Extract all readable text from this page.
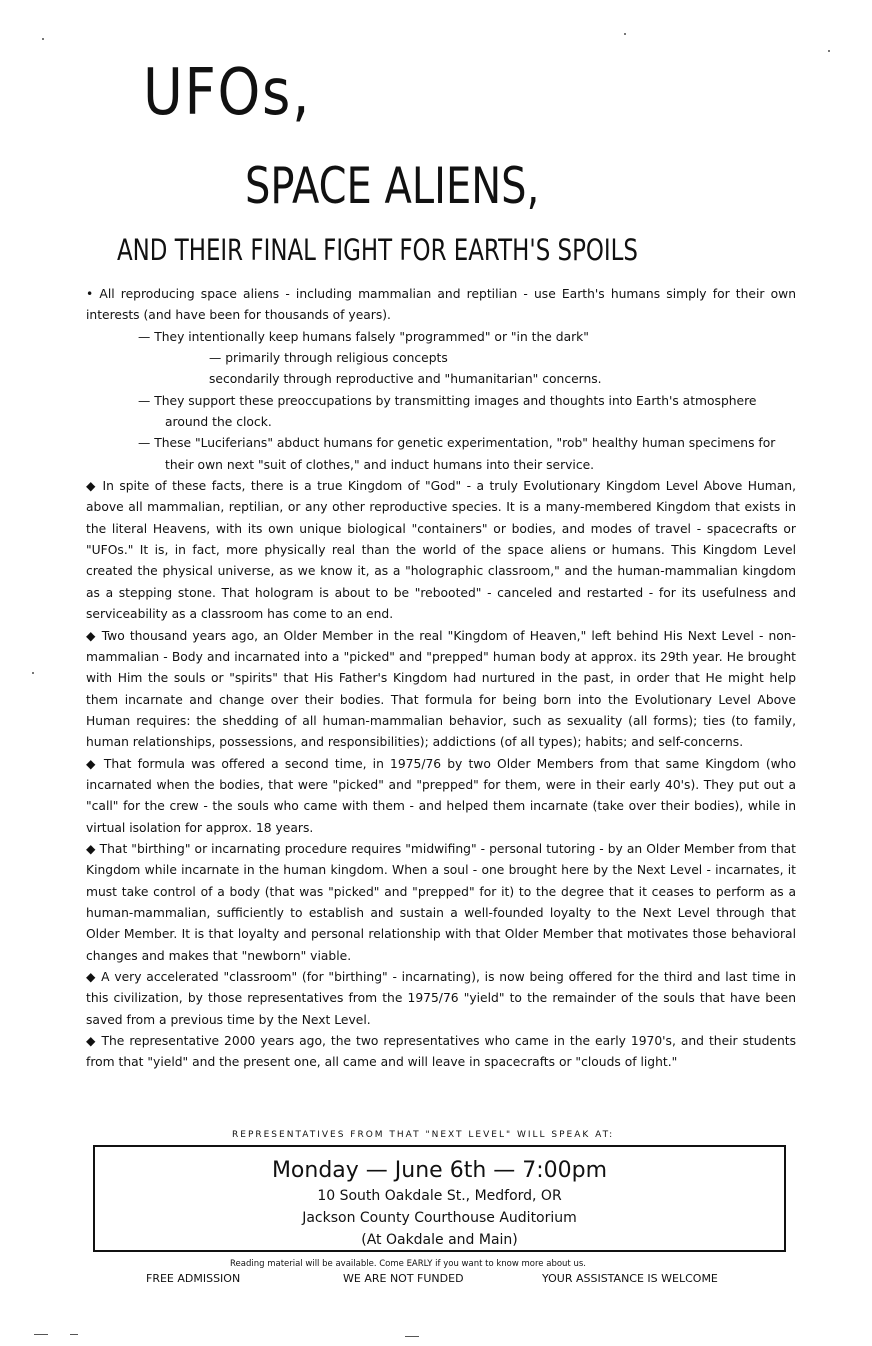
UFOs,
SPACE ALIENS,
AND THEIR FINAL FIGHT FOR EARTH'S SPOILS

• All reproducing space aliens - including mammalian and reptilian - use Earth's humans simply for their own interests (and have been for thousands of years).

— They intentionally keep humans falsely "programmed" or "in the dark"

— primarily through religious concepts

secondarily through reproductive and "humanitarian" concerns.

— They support these preoccupations by transmitting images and thoughts into Earth's atmosphere around the clock.

— These "Luciferians" abduct humans for genetic experimentation, "rob" healthy human specimens for their own next "suit of clothes," and induct humans into their service.

◆ In spite of these facts, there is a true Kingdom of "God" - a truly Evolutionary Kingdom Level Above Human, above all mammalian, reptilian, or any other reproductive species. It is a many-membered Kingdom that exists in the literal Heavens, with its own unique biological "containers" or bodies, and modes of travel - spacecrafts or "UFOs." It is, in fact, more physically real than the world of the space aliens or humans. This Kingdom Level created the physical universe, as we know it, as a "holographic classroom," and the human-mammalian kingdom as a stepping stone. That hologram is about to be "rebooted" - canceled and restarted - for its usefulness and serviceability as a classroom has come to an end.

◆ Two thousand years ago, an Older Member in the real "Kingdom of Heaven," left behind His Next Level - non-mammalian - Body and incarnated into a "picked" and "prepped" human body at approx. its 29th year. He brought with Him the souls or "spirits" that His Father's Kingdom had nurtured in the past, in order that He might help them incarnate and change over their bodies. That formula for being born into the Evolutionary Level Above Human requires: the shedding of all human-mammalian behavior, such as sexuality (all forms); ties (to family, human relationships, possessions, and responsibilities); addictions (of all types); habits; and self-concerns.

◆ That formula was offered a second time, in 1975/76 by two Older Members from that same Kingdom (who incarnated when the bodies, that were "picked" and "prepped" for them, were in their early 40's). They put out a "call" for the crew - the souls who came with them - and helped them incarnate (take over their bodies), while in virtual isolation for approx. 18 years.

◆ That "birthing" or incarnating procedure requires "midwifing" - personal tutoring - by an Older Member from that Kingdom while incarnate in the human kingdom. When a soul - one brought here by the Next Level - incarnates, it must take control of a body (that was "picked" and "prepped" for it) to the degree that it ceases to perform as a human-mammalian, sufficiently to establish and sustain a well-founded loyalty to the Next Level through that Older Member. It is that loyalty and personal relationship with that Older Member that motivates those behavioral changes and makes that "newborn" viable.

◆ A very accelerated "classroom" (for "birthing" - incarnating), is now being offered for the third and last time in this civilization, by those representatives from the 1975/76 "yield" to the remainder of the souls that have been saved from a previous time by the Next Level.

◆ The representative 2000 years ago, the two representatives who came in the early 1970's, and their students from that "yield" and the present one, all came and will leave in spacecrafts or "clouds of light."

REPRESENTATIVES FROM THAT "NEXT LEVEL" WILL SPEAK AT:
Monday — June 6th — 7:00pm
10 South Oakdale St., Medford, OR
Jackson County Courthouse Auditorium
(At Oakdale and Main)
Reading material will be available. Come EARLY if you want to know more about us.
FREE ADMISSION	WE ARE NOT FUNDED	YOUR ASSISTANCE IS WELCOME
